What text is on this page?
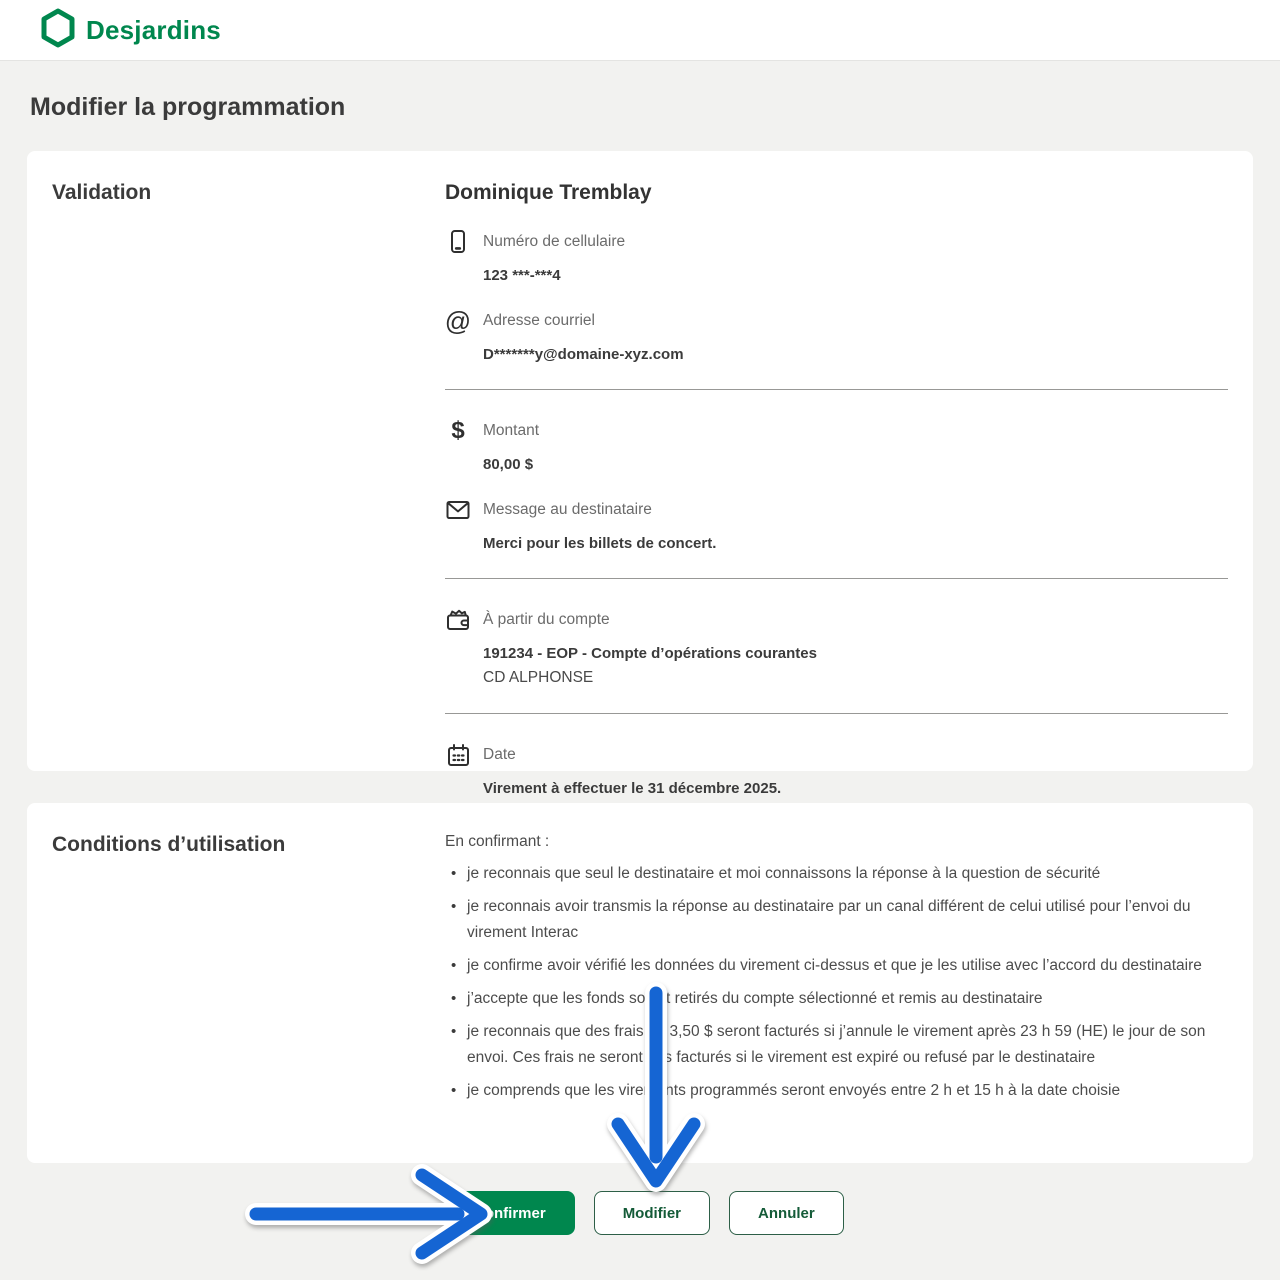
Desjardins
Modifier la programmation
Validation	Dominique Tremblay
Numéro de cellulaire
123 ***-***4
@ Adresse courriel
D*******y@domaine-xyz.com
$	Montant
80,00 $
Message au destinataire
Merci pour les billets de concert.
À partir du compte
191234 - EOP - Compte d’opérations courantes
CD ALPHONSE
Date
Virement à effectuer le 31 décembre 2025.
Conditions d’utilisation	En confirmant :

• je reconnais que seul le destinataire et moi connaissons la réponse à la question de sécurité
• je reconnais avoir transmis la réponse au destinataire par un canal différent de celui utilisé pour l’envoi du virement Interac
• je confirme avoir vérifié les données du virement ci-dessus et que je les utilise avec l’accord du destinataire
• j’accepte que les fonds soient retirés du compte sélectionné et remis au destinataire
• je reconnais que des frais de 3,50 $ seront facturés si j’annule le virement après 23 h 59 (HE) le jour de son envoi. Ces frais ne seront pas facturés si le virement est expiré ou refusé par le destinataire
• je comprends que les virements programmés seront envoyés entre 2 h et 15 h à la date choisie
Confirmer	Modifier	Annuler
